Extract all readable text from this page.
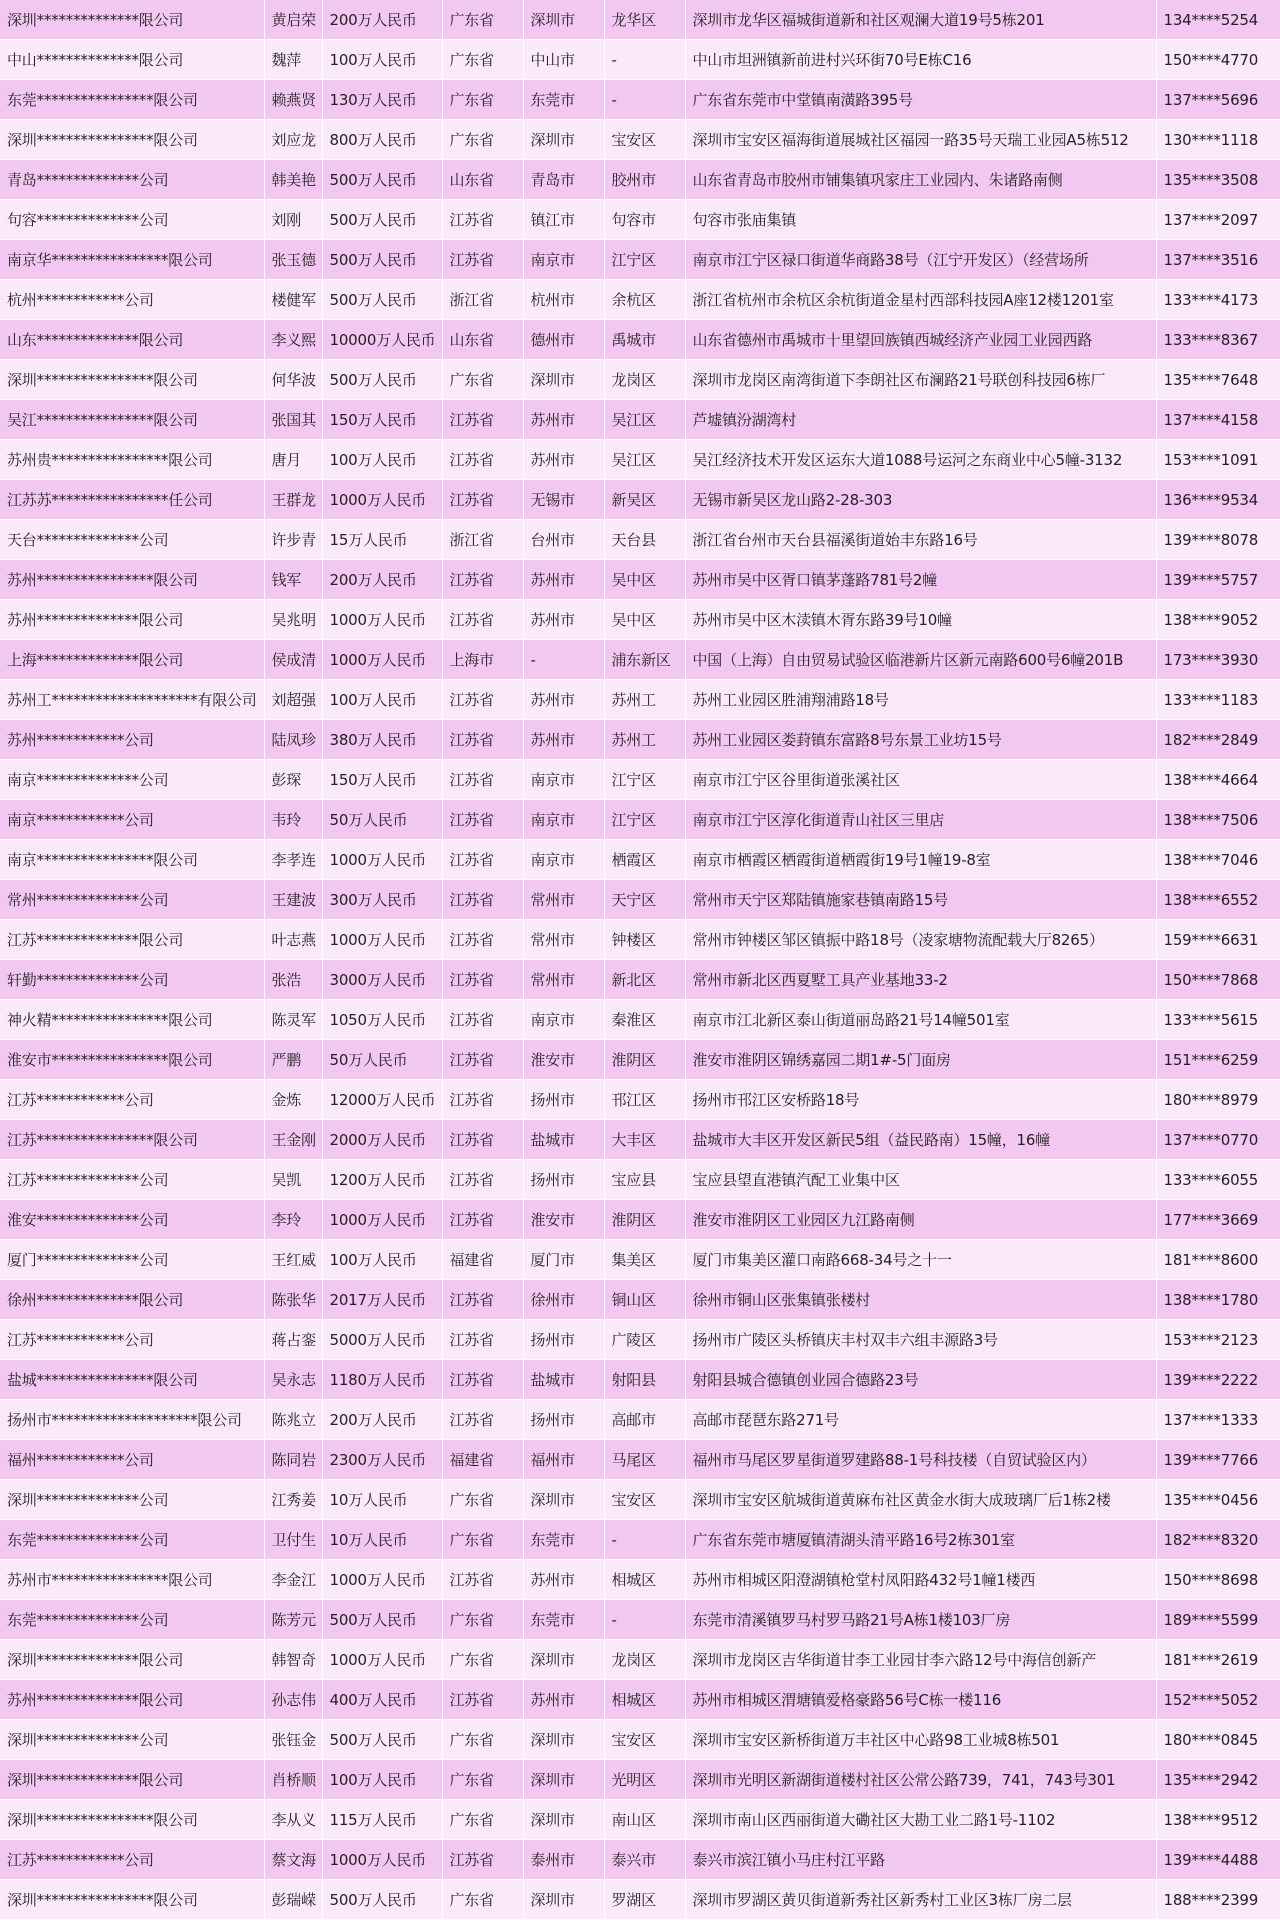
深圳**************限公司	黄启荣	200万人民币	广东省	深圳市	龙华区	深圳市龙华区福城街道新和社区观澜大道19号5栋201	134****5254
中山**************限公司	魏萍	100万人民币	广东省	中山市	-	中山市坦洲镇新前进村兴环街70号E栋C16	150****4770
东莞****************限公司	赖燕贤	130万人民币	广东省	东莞市	-	广东省东莞市中堂镇南潢路395号	137****5696
深圳****************限公司	刘应龙	800万人民币	广东省	深圳市	宝安区	深圳市宝安区福海街道展城社区福园一路35号天瑞工业园A5栋512	130****1118
青岛**************公司	韩美艳	500万人民币	山东省	青岛市	胶州市	山东省青岛市胶州市铺集镇巩家庄工业园内、朱诸路南侧	135****3508
句容**************公司	刘刚	500万人民币	江苏省	镇江市	句容市	句容市张庙集镇	137****2097
南京华****************限公司	张玉德	500万人民币	江苏省	南京市	江宁区	南京市江宁区禄口街道华商路38号（江宁开发区）（经营场所	137****3516
杭州************公司	楼健军	500万人民币	浙江省	杭州市	余杭区	浙江省杭州市余杭区余杭街道金星村西部科技园A座12楼1201室	133****4173
山东**************限公司	李义熙	10000万人民币	山东省	德州市	禹城市	山东省德州市禹城市十里望回族镇西城经济产业园工业园西路	133****8367
深圳****************限公司	何华波	500万人民币	广东省	深圳市	龙岗区	深圳市龙岗区南湾街道下李朗社区布澜路21号联创科技园6栋厂	135****7648
吴江****************限公司	张国其	150万人民币	江苏省	苏州市	吴江区	芦墟镇汾湖湾村	137****4158
苏州贵****************限公司	唐月	100万人民币	江苏省	苏州市	吴江区	吴江经济技术开发区运东大道1088号运河之东商业中心5幢-3132	153****1091
江苏苏****************任公司	王群龙	1000万人民币	江苏省	无锡市	新吴区	无锡市新吴区龙山路2-28-303	136****9534
天台**************公司	许步青	15万人民币	浙江省	台州市	天台县	浙江省台州市天台县福溪街道始丰东路16号	139****8078
苏州****************限公司	钱军	200万人民币	江苏省	苏州市	吴中区	苏州市吴中区胥口镇茅蓬路781号2幢	139****5757
苏州**************限公司	吴兆明	1000万人民币	江苏省	苏州市	吴中区	苏州市吴中区木渎镇木胥东路39号10幢	138****9052
上海**************限公司	侯成清	1000万人民币	上海市	-	浦东新区	中国（上海）自由贸易试验区临港新片区新元南路600号6幢201B	173****3930
苏州工********************有限公司	刘超强	100万人民币	江苏省	苏州市	苏州工	苏州工业园区胜浦翔浦路18号	133****1183
苏州************公司	陆凤珍	380万人民币	江苏省	苏州市	苏州工	苏州工业园区娄葑镇东富路8号东景工业坊15号	182****2849
南京**************公司	彭琛	150万人民币	江苏省	南京市	江宁区	南京市江宁区谷里街道张溪社区	138****4664
南京************公司	韦玲	50万人民币	江苏省	南京市	江宁区	南京市江宁区淳化街道青山社区三里店	138****7506
南京****************限公司	李孝连	1000万人民币	江苏省	南京市	栖霞区	南京市栖霞区栖霞街道栖霞街19号1幢19-8室	138****7046
常州**************公司	王建波	300万人民币	江苏省	常州市	天宁区	常州市天宁区郑陆镇施家巷镇南路15号	138****6552
江苏**************限公司	叶志燕	1000万人民币	江苏省	常州市	钟楼区	常州市钟楼区邹区镇振中路18号（凌家塘物流配载大厅8265）	159****6631
轩勤**************公司	张浩	3000万人民币	江苏省	常州市	新北区	常州市新北区西夏墅工具产业基地33-2	150****7868
神火精****************限公司	陈灵军	1050万人民币	江苏省	南京市	秦淮区	南京市江北新区泰山街道丽岛路21号14幢501室	133****5615
淮安市****************限公司	严鹏	50万人民币	江苏省	淮安市	淮阴区	淮安市淮阴区锦绣嘉园二期1#-5门面房	151****6259
江苏************公司	金炼	12000万人民币	江苏省	扬州市	邗江区	扬州市邗江区安桥路18号	180****8979
江苏****************限公司	王金刚	2000万人民币	江苏省	盐城市	大丰区	盐城市大丰区开发区新民5组（益民路南）15幢，16幢	137****0770
江苏**************公司	吴凯	1200万人民币	江苏省	扬州市	宝应县	宝应县望直港镇汽配工业集中区	133****6055
淮安**************公司	李玲	1000万人民币	江苏省	淮安市	淮阴区	淮安市淮阴区工业园区九江路南侧	177****3669
厦门**************公司	王红威	100万人民币	福建省	厦门市	集美区	厦门市集美区灌口南路668-34号之十一	181****8600
徐州**************限公司	陈张华	2017万人民币	江苏省	徐州市	铜山区	徐州市铜山区张集镇张楼村	138****1780
江苏************公司	蒋占銮	5000万人民币	江苏省	扬州市	广陵区	扬州市广陵区头桥镇庆丰村双丰六组丰源路3号	153****2123
盐城****************限公司	吴永志	1180万人民币	江苏省	盐城市	射阳县	射阳县城合德镇创业园合德路23号	139****2222
扬州市********************限公司	陈兆立	200万人民币	江苏省	扬州市	高邮市	高邮市琵琶东路271号	137****1333
福州************公司	陈同岩	2300万人民币	福建省	福州市	马尾区	福州市马尾区罗星街道罗建路88-1号科技楼（自贸试验区内）	139****7766
深圳**************公司	江秀姜	10万人民币	广东省	深圳市	宝安区	深圳市宝安区航城街道黄麻布社区黄金水街大成玻璃厂后1栋2楼	135****0456
东莞**************公司	卫付生	10万人民币	广东省	东莞市	-	广东省东莞市塘厦镇清湖头清平路16号2栋301室	182****8320
苏州市****************限公司	李金江	1000万人民币	江苏省	苏州市	相城区	苏州市相城区阳澄湖镇枪堂村凤阳路432号1幢1楼西	150****8698
东莞**************公司	陈芳元	500万人民币	广东省	东莞市	-	东莞市清溪镇罗马村罗马路21号A栋1楼103厂房	189****5599
深圳**************限公司	韩智奇	1000万人民币	广东省	深圳市	龙岗区	深圳市龙岗区吉华街道甘李工业园甘李六路12号中海信创新产	181****2619
苏州**************限公司	孙志伟	400万人民币	江苏省	苏州市	相城区	苏州市相城区渭塘镇爱格豪路56号C栋一楼116	152****5052
深圳**************公司	张钰金	500万人民币	广东省	深圳市	宝安区	深圳市宝安区新桥街道万丰社区中心路98工业城8栋501	180****0845
深圳**************限公司	肖桥顺	100万人民币	广东省	深圳市	光明区	深圳市光明区新湖街道楼村社区公常公路739，741，743号301	135****2942
深圳****************限公司	李从义	115万人民币	广东省	深圳市	南山区	深圳市南山区西丽街道大磡社区大勘工业二路1号-1102	138****9512
江苏************公司	蔡文海	1000万人民币	江苏省	泰州市	泰兴市	泰兴市滨江镇小马庄村江平路	139****4488
深圳****************限公司	彭瑞嵘	500万人民币	广东省	深圳市	罗湖区	深圳市罗湖区黄贝街道新秀社区新秀村工业区3栋厂房二层	188****2399
